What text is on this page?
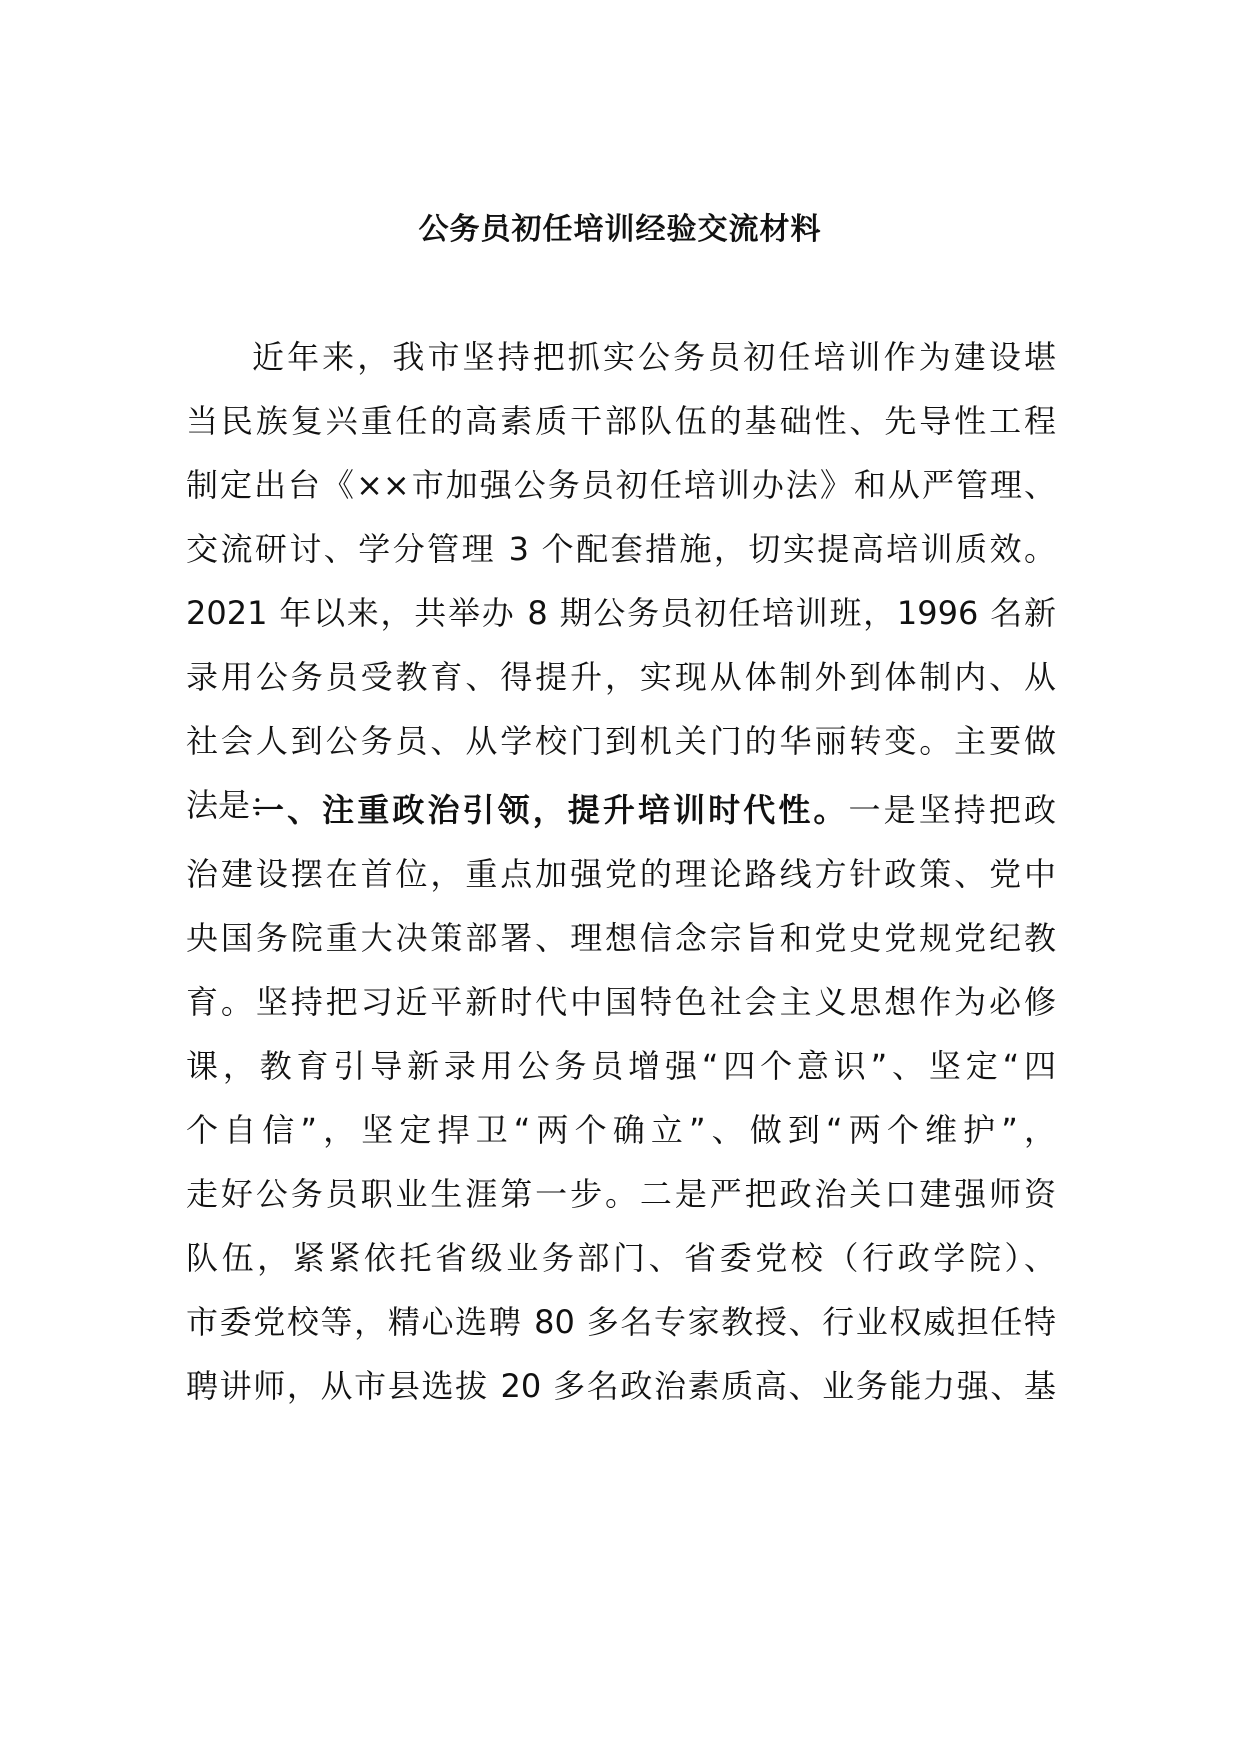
公务员初任培训经验交流材料
近年来，我市坚持把抓实公务员初任培训作为建设堪
当民族复兴重任的高素质干部队伍的基础性、先导性工程
制定出台《××市加强公务员初任培训办法》和从严管理、
交流研讨、学分管理 3 个配套措施，切实提高培训质效。
2021 年以来，共举办 8 期公务员初任培训班，1996 名新
录用公务员受教育、得提升，实现从体制外到体制内、从
社会人到公务员、从学校门到机关门的华丽转变。主要做
法是：
一、注重政治引领，提升培训时代性。一是坚持把政
治建设摆在首位，重点加强党的理论路线方针政策、党中
央国务院重大决策部署、理想信念宗旨和党史党规党纪教
育。坚持把习近平新时代中国特色社会主义思想作为必修
课，教育引导新录用公务员增强“四个意识”、坚定“四
个自信”，坚定捍卫“两个确立”、做到“两个维护”，
走好公务员职业生涯第一步。二是严把政治关口建强师资
队伍，紧紧依托省级业务部门、省委党校（行政学院）、
市委党校等，精心选聘 80 多名专家教授、行业权威担任特
聘讲师，从市县选拔 20 多名政治素质高、业务能力强、基
